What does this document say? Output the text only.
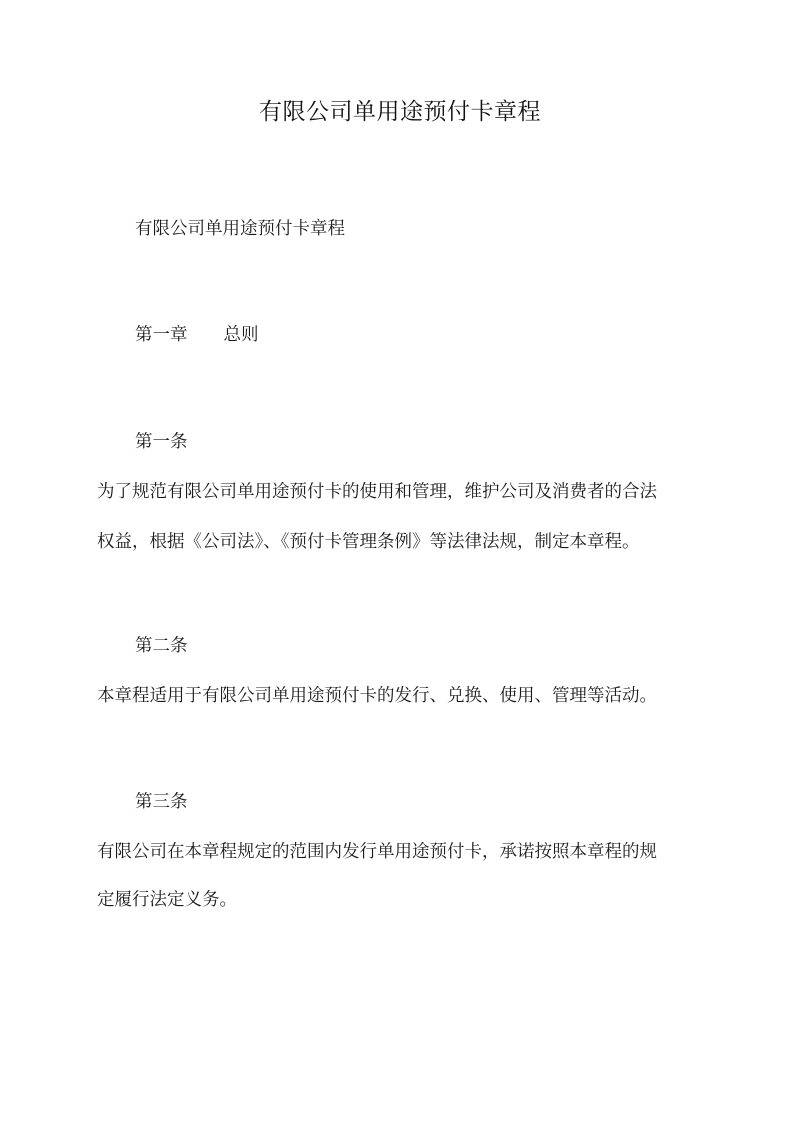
有限公司单用途预付卡章程
有限公司单用途预付卡章程
第一章 总则
第一条
为了规范有限公司单用途预付卡的使用和管理，维护公司及消费者的合法
权益，根据《公司法》、《预付卡管理条例》等法律法规，制定本章程。
第二条
本章程适用于有限公司单用途预付卡的发行、兑换、使用、管理等活动。
第三条
有限公司在本章程规定的范围内发行单用途预付卡，承诺按照本章程的规
定履行法定义务。
